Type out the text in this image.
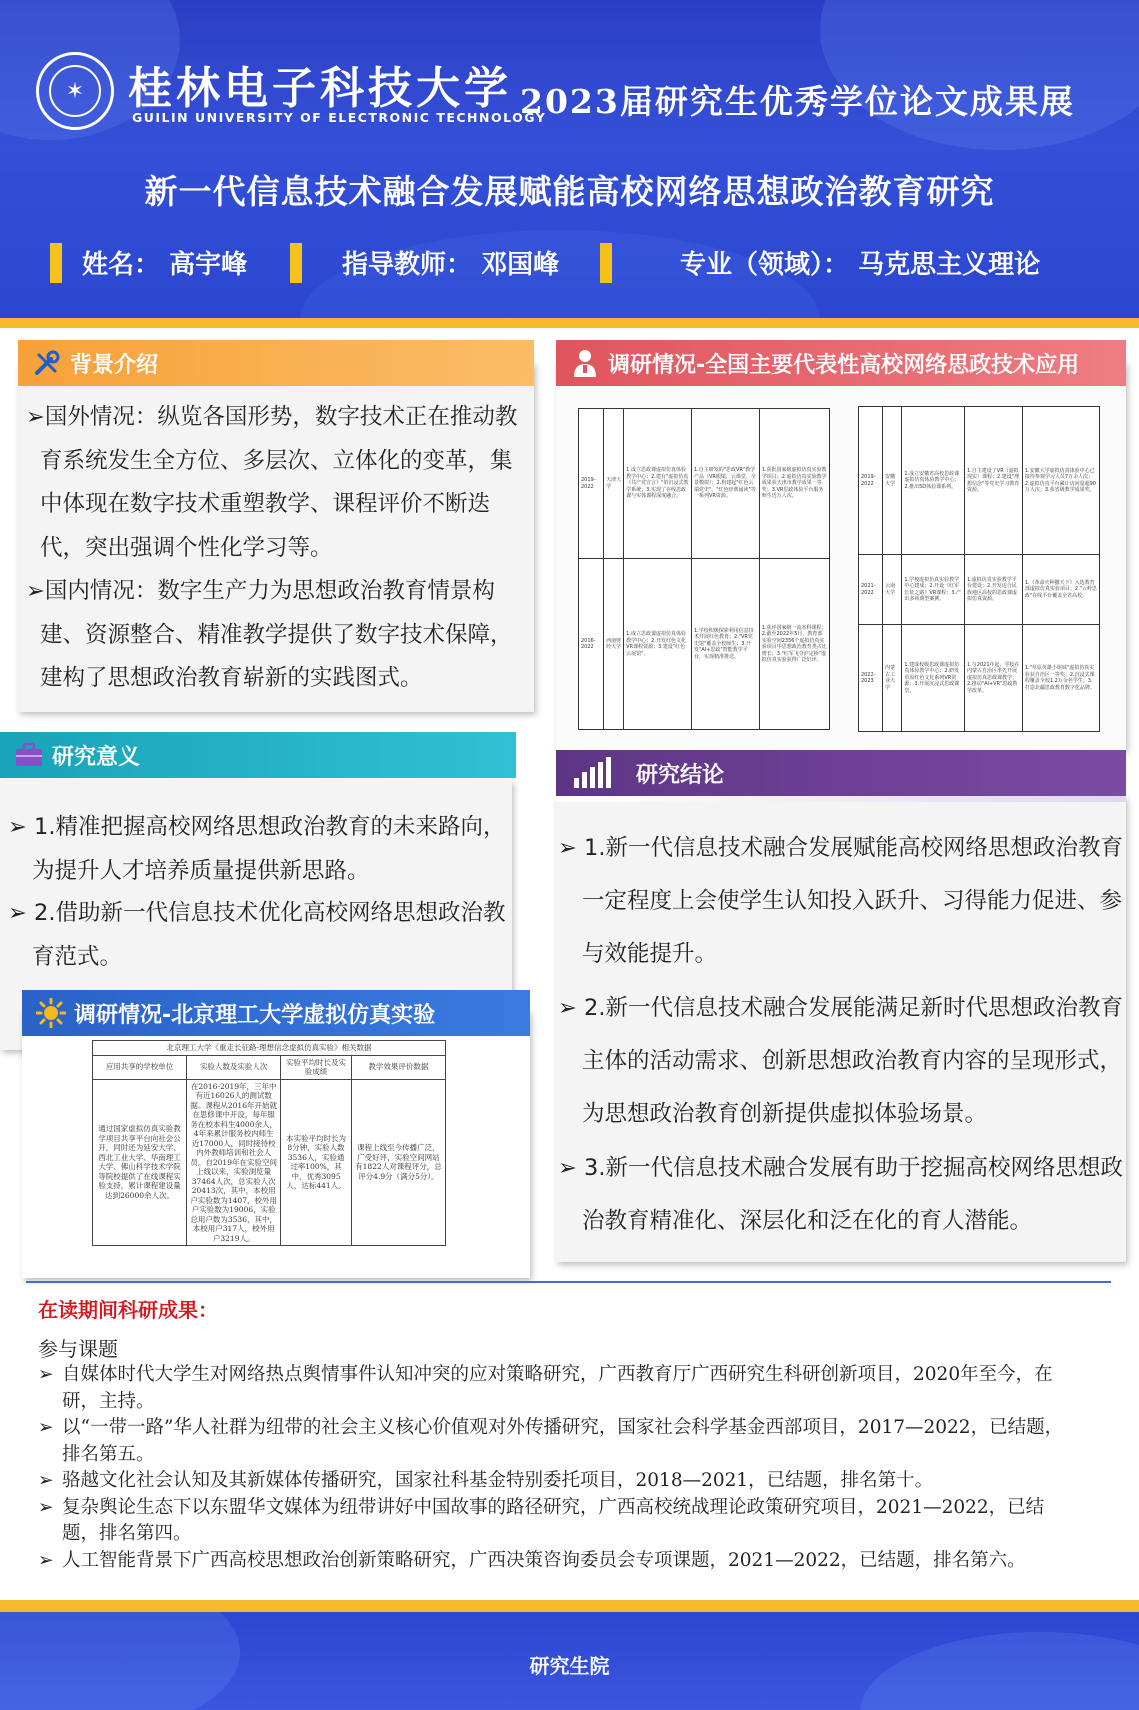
✶ 桂林电子科技大学
GUILIN UNIVERSITY OF ELECTRONIC TECHNOLOGY
2023届研究生优秀学位论文成果展
新一代信息技术融合发展赋能高校网络思想政治教育研究
姓名： 高宇峰	指导教师： 邓国峰	专业（领域）： 马克思主义理论
背景介绍
➢国外情况：纵览各国形势，数字技术正在推动教育系统发生全方位、多层次、立体化的变革，集中体现在数字技术重塑教学、课程评价不断迭代，突出强调个性化学习等。
➢国内情况：数字生产力为思想政治教育情景构建、资源整合、精准教学提供了数字技术保障，建构了思想政治教育崭新的实践图式。
研究意义
➢ 1.精准把握高校网络思想政治教育的未来路向，为提升人才培养质量提供新思路。
➢ 2.借助新一代信息技术优化高校网络思想政治教育范式。
调研情况-北京理工大学虚拟仿真实验
北京理工大学《重走长征路-理想信念虚拟仿真实验》相关数据			
应用共享的学校单位	实验人数及实验人次	实验平均时长及实验成绩	教学效果评价数据
通过国家虚拟仿真实验教学项目共享平台向社会公开，同时还为延安大学、西北工业大学、华南理工大学、佛山科学技术学院等院校提供了在线课程实验支持，累计课程建设量达到26000余人次。	在2016-2019年，三年中有近16026人的测试数据。课程从2016年开始就在思修课中开设，每年服务在校本科生4000余人，4年来累计服务校内师生近17000人，同时接待校内外教师培训和社会人员。自2019年在实验空间上线以来，实验浏览量37464人次，总实验人次20413次，其中，本校用户实验数为1407，校外用户实验数为19006，实验总用户数为3536，其中，本校用户317人，校外用户3219人。	本实验平均时长为8分钟，实验人数3536人，实验通过率100%，其中，优秀3095人，达标441人。	课程上线至今传播广泛，广受好评，实验空间网站有1822人对课程评分，总评分4.9分（满分5分）。
调研情况-全国主要代表性高校网络思政技术应用
2019-2022	天津大学	1.成立思政课虚拟仿真体验教学中心；2.建有"虚拟仿真《共产党宣言》"的沉浸式教学系统；3.实现了在线思政课与实体课程深度融合。	1.自主研发的"思政VR"教学产品（VR眼镜、云课堂、全景模拟）；2.构建起"红色云端党史"、"红色经典诵读"等一系列VR资源。	1.获批国家级虚拟仿真实验教学项目；2.虚拟仿真实验教学成果获天津市教学成果一等奖；3.VR思政体验平台服务师生近万人次。
2016-2022	西南财经大学	1.成立思政课虚拟仿真体验教学中心；2.开发红色文化VR课程资源；3.建设"红色云展馆"。	1.学校积极探索利用信息技术开展红色教育；2."VR党史馆"覆盖全校师生；3.开发"AI+思政"智能教学平台，实现精准推送。	1.获评国家级一流本科课程；2.截至2022年5月，教育部实验空间2356个虚拟仿真实验项目中思想政治教育类占比增长；3."红军飞夺泸定桥"虚拟仿真实验获得广泛好评。
2019-2022	安徽大学	1.成立安徽省高校思政课虚拟仿真体验教学中心；2.推出5D体验课系列。	1.自主建设了VR（虚拟现实）课程；2.建设"理想信念"等党史学习教育资源。	1.安徽大学虚拟仿真体验中心已接待参观学习人员7万余人次；2.虚拟仿真平台累计访问量超90万人次；3.获省级教学成果奖。
2021-2022	云南大学	1.学校虚拟仿真实验教学中心建成；2.开设《红军长征之路》VR课程；3.产出多项典型案例。	1.虚拟仿真实验教学平台建设；2.开发适合民族地区高校的思政课虚拟仿真资源。	1.《革命火种撒天下》入选教育部虚拟仿真实验项目；2."云岭思政"在线平台覆盖全省高校。
2022-2023	内蒙古工业大学	1.建成校级思政课虚拟仿真体验教学中心；2.研发草原红色文化系列VR资源；3.开展沉浸式思政课堂。	1.与2021年起，学校在内蒙古自治区率先开展虚拟仿真思政课教学；2.推动"AI+VR"思政教学改革。	1."草原英雄小姐妹"虚拟仿真实验获自治区一等奖；2.沉浸式课程覆盖全校1.2万余名学生；3.打造北疆思政教育数字化品牌。
研究结论
➢ 1.新一代信息技术融合发展赋能高校网络思想政治教育一定程度上会使学生认知投入跃升、习得能力促进、参与效能提升。
➢ 2.新一代信息技术融合发展能满足新时代思想政治教育主体的活动需求、创新思想政治教育内容的呈现形式，为思想政治教育创新提供虚拟体验场景。
➢ 3.新一代信息技术融合发展有助于挖掘高校网络思想政治教育精准化、深层化和泛在化的育人潜能。
在读期间科研成果：
参与课题
➢ 自媒体时代大学生对网络热点舆情事件认知冲突的应对策略研究，广西教育厅广西研究生科研创新项目，2020年至今，在研，主持。
➢ 以“一带一路”华人社群为纽带的社会主义核心价值观对外传播研究，国家社会科学基金西部项目，2017—2022，已结题，排名第五。
➢ 骆越文化社会认知及其新媒体传播研究，国家社科基金特别委托项目，2018—2021，已结题，排名第十。
➢ 复杂舆论生态下以东盟华文媒体为纽带讲好中国故事的路径研究，广西高校统战理论政策研究项目，2021—2022，已结题，排名第四。
➢ 人工智能背景下广西高校思想政治创新策略研究，广西决策咨询委员会专项课题，2021—2022，已结题，排名第六。
研究生院
